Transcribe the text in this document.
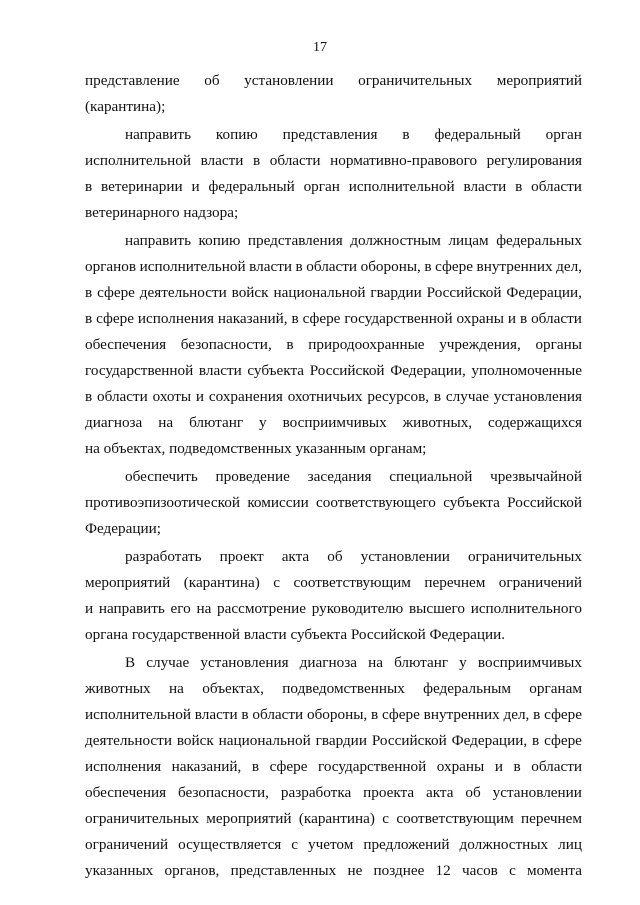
17
представление об установлении ограничительных мероприятий
(карантина);
направить копию представления в федеральный орган
исполнительной власти в области нормативно-правового регулирования
в ветеринарии и федеральный орган исполнительной власти в области
ветеринарного надзора;
направить копию представления должностным лицам федеральных
органов исполнительной власти в области обороны, в сфере внутренних дел,
в сфере деятельности войск национальной гвардии Российской Федерации,
в сфере исполнения наказаний, в сфере государственной охраны и в области
обеспечения безопасности, в природоохранные учреждения, органы
государственной власти субъекта Российской Федерации, уполномоченные
в области охоты и сохранения охотничьих ресурсов, в случае установления
диагноза на блютанг у восприимчивых животных, содержащихся
на объектах, подведомственных указанным органам;
обеспечить проведение заседания специальной чрезвычайной
противоэпизоотической комиссии соответствующего субъекта Российской
Федерации;
разработать проект акта об установлении ограничительных
мероприятий (карантина) с соответствующим перечнем ограничений
и направить его на рассмотрение руководителю высшего исполнительного
органа государственной власти субъекта Российской Федерации.
В случае установления диагноза на блютанг у восприимчивых
животных на объектах, подведомственных федеральным органам
исполнительной власти в области обороны, в сфере внутренних дел, в сфере
деятельности войск национальной гвардии Российской Федерации, в сфере
исполнения наказаний, в сфере государственной охраны и в области
обеспечения безопасности, разработка проекта акта об установлении
ограничительных мероприятий (карантина) с соответствующим перечнем
ограничений осуществляется с учетом предложений должностных лиц
указанных органов, представленных не позднее 12 часов с момента
